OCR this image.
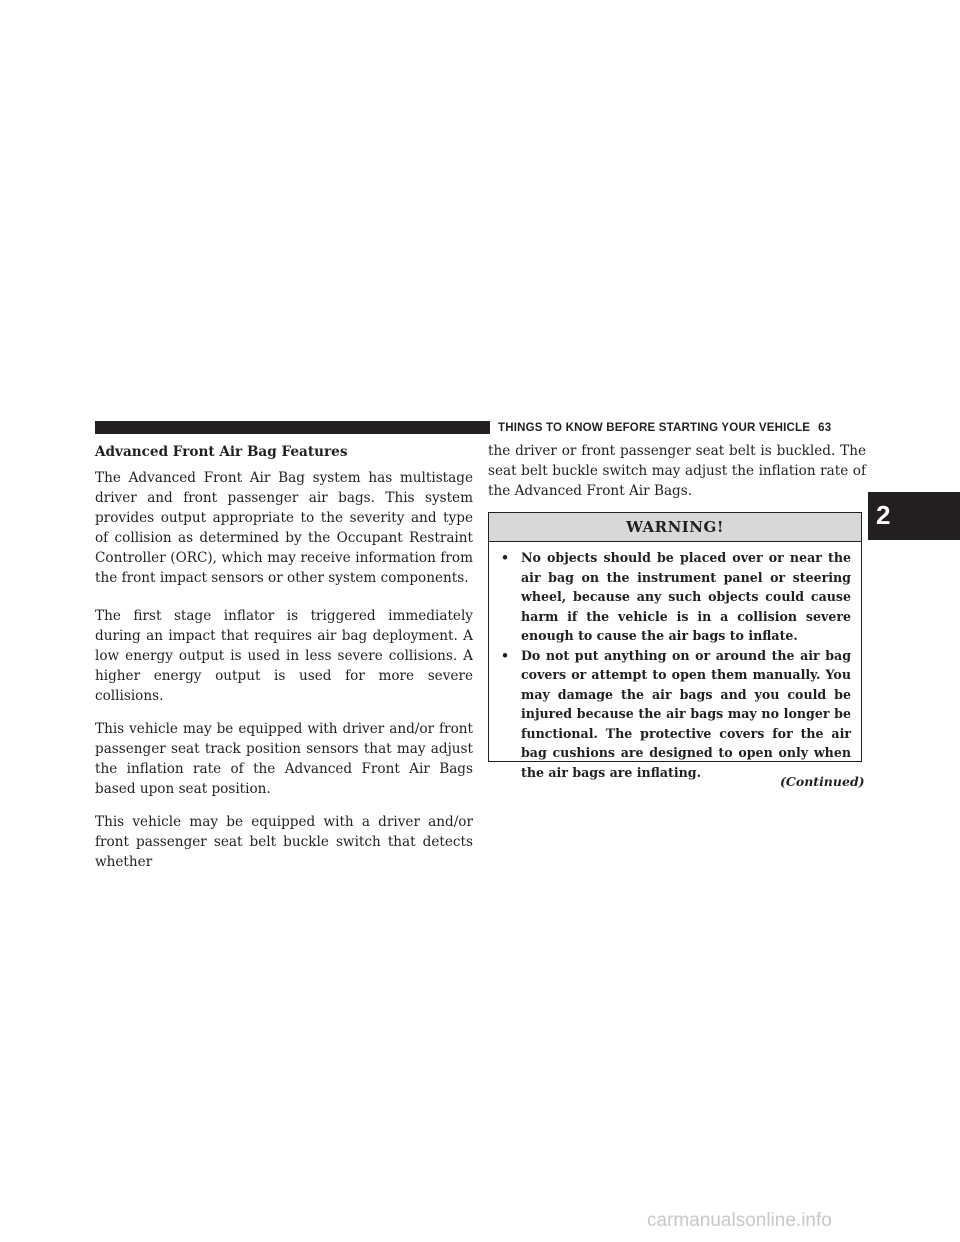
THINGS TO KNOW BEFORE STARTING YOUR VEHICLE 63
2

Advanced Front Air Bag Features

The Advanced Front Air Bag system has multistage driver and front passenger air bags. This system provides output appropriate to the severity and type of collision as determined by the Occupant Restraint Controller (ORC), which may receive information from the front impact sensors or other system components.

The first stage inflator is triggered immediately during an impact that requires air bag deployment. A low energy output is used in less severe collisions. A higher energy output is used for more severe collisions.

This vehicle may be equipped with driver and/or front passenger seat track position sensors that may adjust the inflation rate of the Advanced Front Air Bags based upon seat position.

This vehicle may be equipped with a driver and/or front passenger seat belt buckle switch that detects whether

the driver or front passenger seat belt is buckled. The seat belt buckle switch may adjust the inflation rate of the Advanced Front Air Bags.

WARNING!
• No objects should be placed over or near the air bag on the instrument panel or steering wheel, because any such objects could cause harm if the vehicle is in a collision severe enough to cause the air bags to inflate.
• Do not put anything on or around the air bag covers or attempt to open them manually. You may damage the air bags and you could be injured because the air bags may no longer be functional. The protective covers for the air bag cushions are designed to open only when the air bags are inflating.
(Continued)
carmanualsonline.info
